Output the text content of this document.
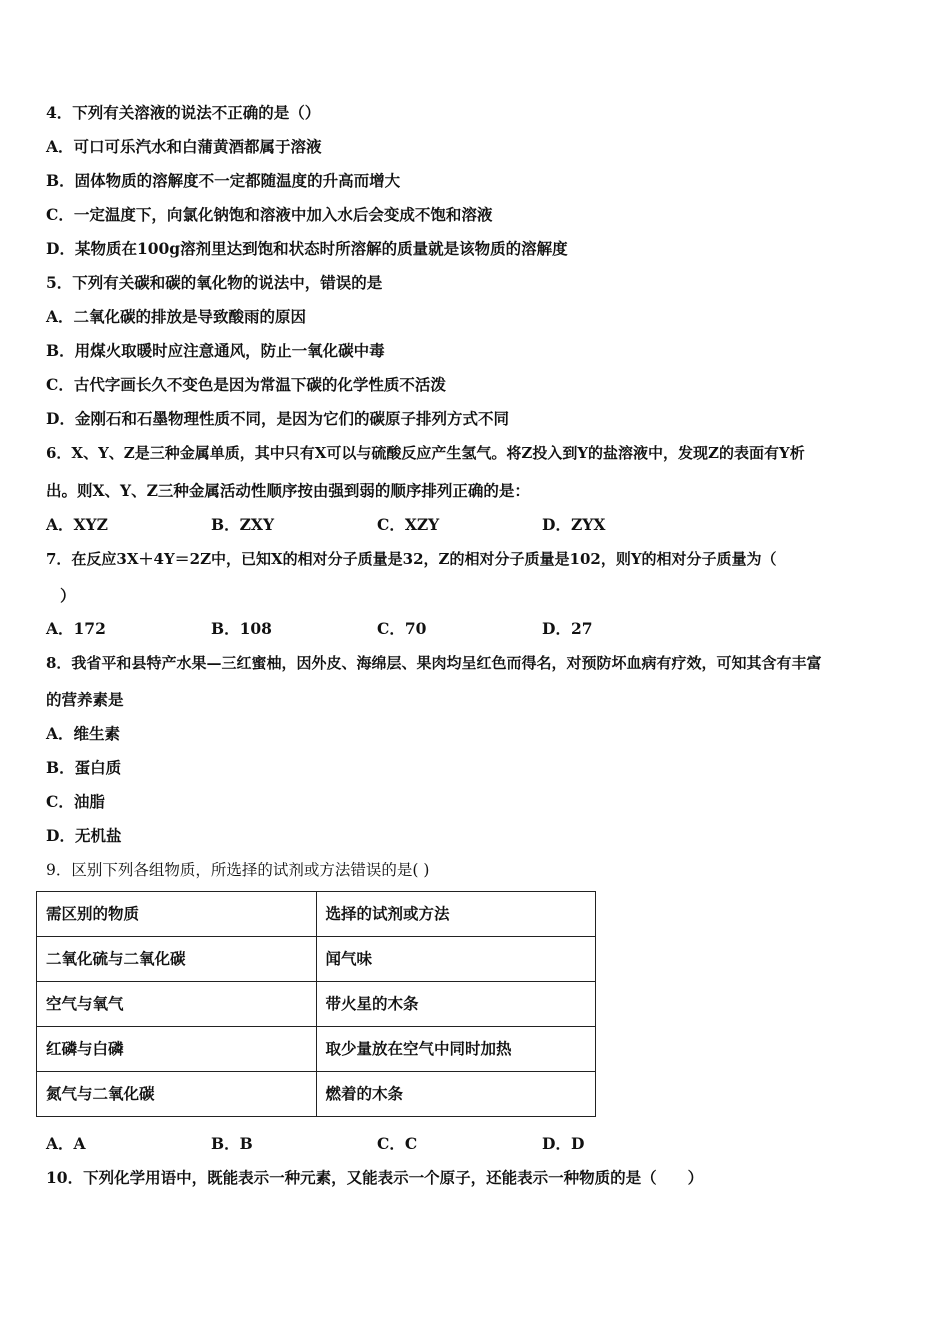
4．下列有关溶液的说法不正确的是（）
A．可口可乐汽水和白蒲黄酒都属于溶液
B．固体物质的溶解度不一定都随温度的升高而增大
C．一定温度下，向氯化钠饱和溶液中加入水后会变成不饱和溶液
D．某物质在100g溶剂里达到饱和状态时所溶解的质量就是该物质的溶解度
5．下列有关碳和碳的氧化物的说法中，错误的是
A．二氧化碳的排放是导致酸雨的原因
B．用煤火取暖时应注意通风，防止一氧化碳中毒
C．古代字画长久不变色是因为常温下碳的化学性质不活泼
D．金刚石和石墨物理性质不同，是因为它们的碳原子排列方式不同
6．X、Y、Z是三种金属单质，其中只有X可以与硫酸反应产生氢气。将Z投入到Y的盐溶液中，发现Z的表面有Y析
出。则X、Y、Z三种金属活动性顺序按由强到弱的顺序排列正确的是：
A．XYZ	B．ZXY	C．XZY	D．ZYX
7．在反应3X＋4Y＝2Z中，已知X的相对分子质量是32，Z的相对分子质量是102，则Y的相对分子质量为（
）
A．172	B．108	C．70	D．27
8．我省平和县特产水果—三红蜜柚，因外皮、海绵层、果肉均呈红色而得名，对预防坏血病有疗效，可知其含有丰富
的营养素是
A．维生素
B．蛋白质
C．油脂
D．无机盐
9．区别下列各组物质，所选择的试剂或方法错误的是( )
需区别的物质	选择的试剂或方法
二氧化硫与二氧化碳	闻气味
空气与氧气	带火星的木条
红磷与白磷	取少量放在空气中同时加热
氮气与二氧化碳	燃着的木条
A．A	B．B	C．C	D．D
10．下列化学用语中，既能表示一种元素，又能表示一个原子，还能表示一种物质的是（　　）
